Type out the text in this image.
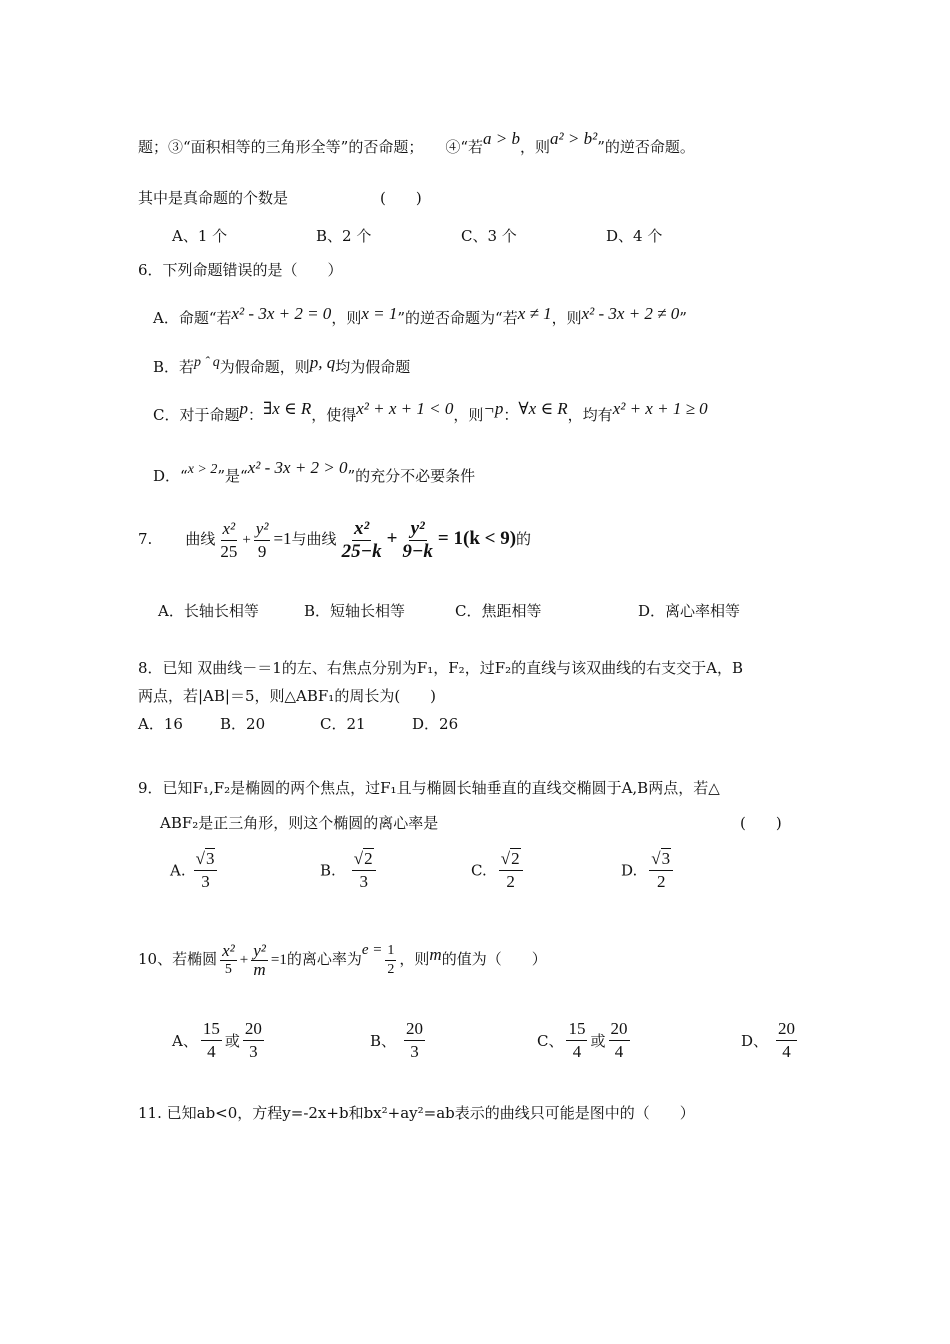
题；③“面积相等的三角形全等”的否命题； ④“若a > b，则a² > b²”的逆否命题。
其中是真命题的个数是	(　　)
A、1 个	B、2 个	C、3 个	D、4 个
6．下列命题错误的是（　　）
A．命题“若x² - 3x + 2 = 0，则x = 1”的逆否命题为“若x ≠ 1，则x² - 3x + 2 ≠ 0”
B．若p ˆ q为假命题，则p, q均为假命题
C．对于命题p：∃x ∈ R，使得x² + x + 1 < 0，则¬p：∀x ∈ R，均有x² + x + 1 ≥ 0
D．“x > 2”是“x² - 3x + 2 > 0”的充分不必要条件
7. 曲线 $\frac{\text{x²}}{25} + \frac{\text{y²}}{9} =1$与曲线 $\frac{\text{x²}}{25-k} + \frac{\text{y²}}{9-k} = 1(k < 9)$的
A．长轴长相等	B．短轴长相等	C．焦距相等	D．离心率相等
8．已知 双曲线－＝1的左、右焦点分别为F₁，F₂，过F₂的直线与该双曲线的右支交于A，B
两点，若|AB|＝5，则△ABF₁的周长为(　　)
A．16 B．20	C．21	D．26
9．已知F₁,F₂是椭圆的两个焦点，过F₁且与椭圆长轴垂直的直线交椭圆于A,B两点，若△
ABF₂是正三角形，则这个椭圆的离心率是	(　　)
A. $\frac{√3}{3}$	B. $\frac{√2}{3}$	C. $\frac{√2}{2}$	D. $\frac{√3}{2}$
10、若椭圆 $\frac{\text{x²}}{5} + \frac{\text{y²}}{m} =1$的离心率为$e = \frac{1}{2}$ ，则m的值为（　　）
A、 $\frac{15}{4}$ 或 $\frac{20}{3}$	B、 $\frac{20}{3}$	C、 $\frac{15}{4}$ 或 $\frac{20}{4}$	D、 $\frac{20}{4}$
11. 已知ab<0，方程y=-2x+b和bx²+ay²=ab表示的曲线只可能是图中的（　　）
